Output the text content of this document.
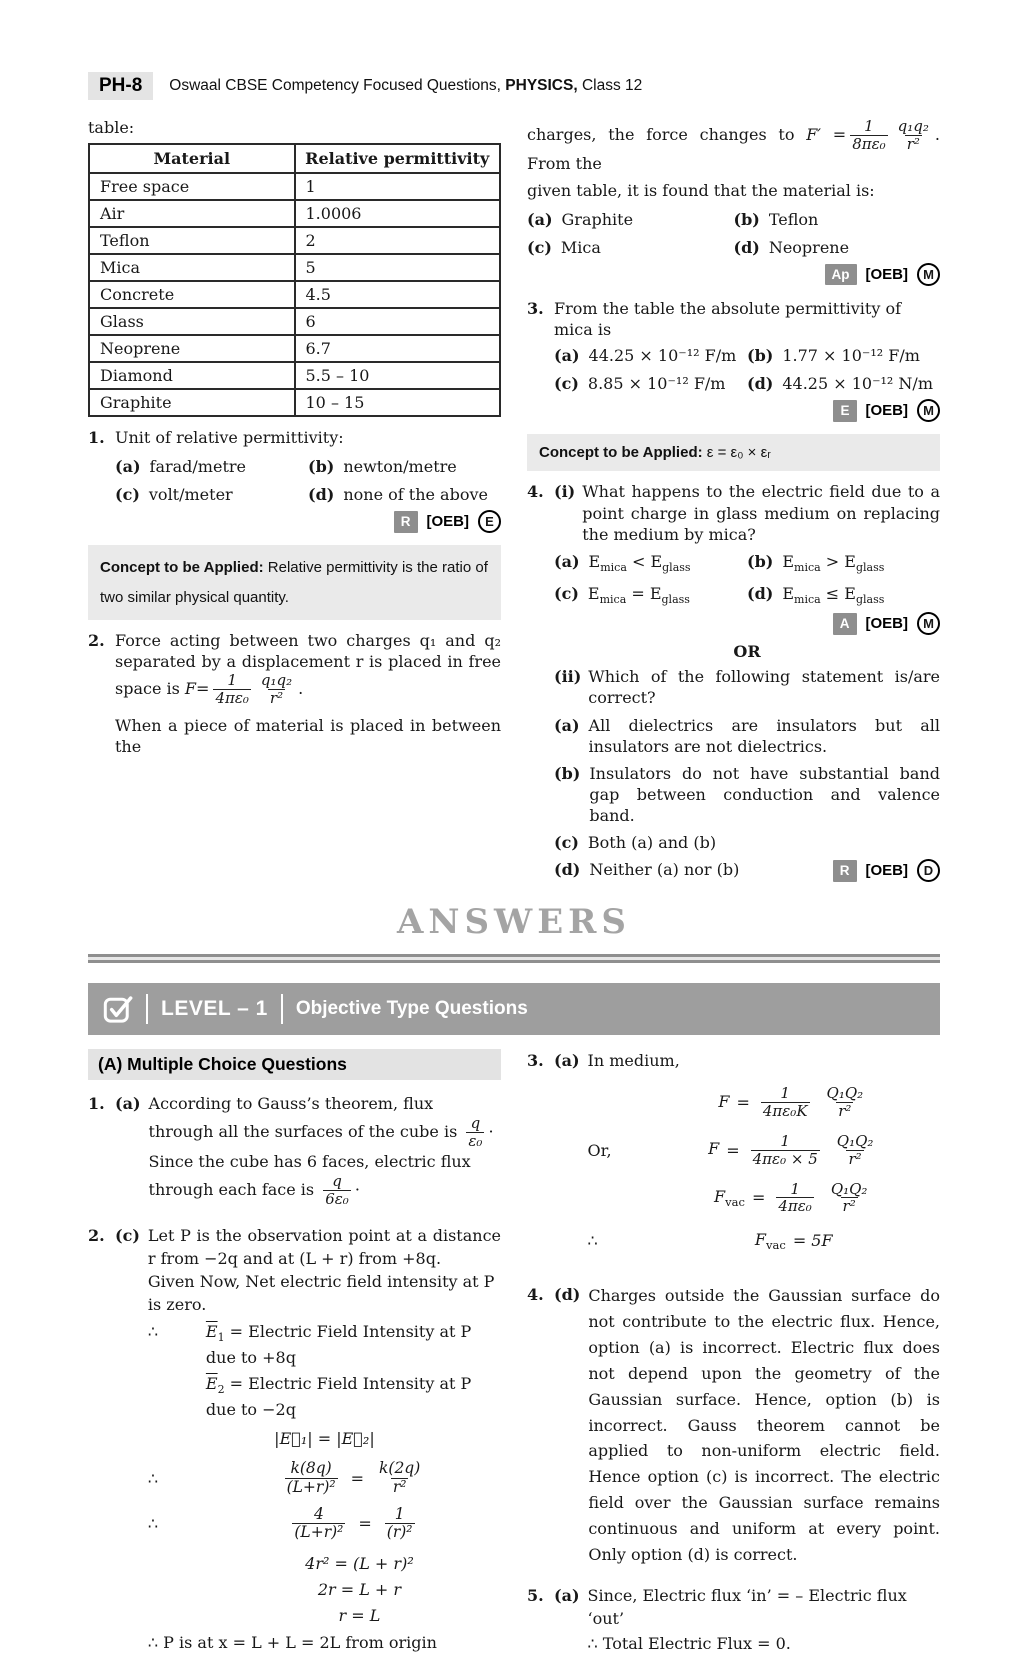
PH-8	Oswaal CBSE Competency Focused Questions, PHYSICS, Class 12
table:
Material	Relative permittivity
Free space	1
Air	1.0006
Teflon	2
Mica	5
Concrete	4.5
Glass	6
Neoprene	6.7
Diamond	5.5 – 10
Graphite	10 – 15
1. Unit of relative permittivity:
(a) farad/metre	(b) newton/metre
(c) volt/meter	(d) none of the above
R	[OEB]	E
Concept to be Applied: Relative permittivity is the ratio of two similar physical quantity.
2. Force acting between two charges q₁ and q₂ separated by a displacement r is placed in free space is $F= \frac{1}{\text{4πε₀}} \frac{\text{q₁q₂}}{\text{r²}}$ .

When a piece of material is placed in between the

charges, the force changes to $F' = \frac{1}{\text{8πε₀}} \frac{\text{q₁q₂}}{\text{r²}}$ . From the
given table, it is found that the material is:

(a) Graphite	(b) Teflon
(c) Mica	(d) Neoprene
Ap	[OEB]	M
3. From the table the absolute permittivity of mica is
(a) 44.25 × 10⁻¹² F/m (b) 1.77 × 10⁻¹² F/m
(c) 8.85 × 10⁻¹² F/m (d) 44.25 × 10⁻¹² N/m
E	[OEB]	M
Concept to be Applied: ε = ε₀ × εᵣ
4. (i) What happens to the electric field due to a point charge in glass medium on replacing the medium by mica?
(a) $E_{mica} < E_{glass}$	(b) $E_{mica} > E_{glass}$
(c) $E_{mica} = E_{glass}$	(d) $E_{mica} \le E_{glass}$
A	[OEB]	M
OR
(ii) Which of the following statement is/are correct?
(a) All dielectrics are insulators but all insulators are not dielectrics.
(b) Insulators do not have substantial band gap between conduction and valence band.
(c) Both (a) and (b)
(d) Neither (a) nor (b)	R	[OEB]	D
ANSWERS
LEVEL – 1 Objective Type Questions
(A) Multiple Choice Questions
1. (a) According to Gauss’s theorem, flux through all the surfaces of the cube is $\frac{q}{\text{ε₀}}$ · Since the cube has 6 faces, electric flux through each face is $\frac{q}{\text{6ε₀}}$ ·
2. (c) Let P is the observation point at a distance r from −2q and at (L + r) from +8q.
Given Now, Net electric field intensity at P is zero.
∴	$\overline{E}_1$ = Electric Field Intensity at P due to +8q
$\overline{E}_2$ = Electric Field Intensity at P due to −2q
|E⃗₁| = |E⃗₂|
∴	$\frac{k(8q)}{\text{(L+r)²}} = \frac{k(2q)}{\text{r²}}$
∴	$\frac{4}{\text{(L+r)²}} = \frac{1}{\text{(r)²}}$
4r² = (L + r)²
2r = L + r
r = L
∴ P is at x = L + L = 2L from origin
3. (a) In medium,
$F = \frac{1}{\text{4πε₀K}} \frac{\text{Q₁Q₂}}{\text{r²}}$
Or,	$F = \frac{1}{\text{4πε₀ × 5}} \frac{\text{Q₁Q₂}}{\text{r²}}$
$F_{vac} = \frac{1}{\text{4πε₀}} \frac{\text{Q₁Q₂}}{\text{r²}}$
∴	$F_{vac} = 5F$
4. (d) Charges outside the Gaussian surface do not contribute to the electric flux. Hence, option (a) is incorrect. Electric flux does not depend upon the geometry of the Gaussian surface. Hence, option (b) is incorrect. Gauss theorem cannot be applied to non-uniform electric field. Hence option (c) is incorrect. The electric field over the Gaussian surface remains continuous and uniform at every point. Only option (d) is correct.
5. (a) Since, Electric flux ‘in’ = – Electric flux ‘out’
∴ Total Electric Flux = 0.
